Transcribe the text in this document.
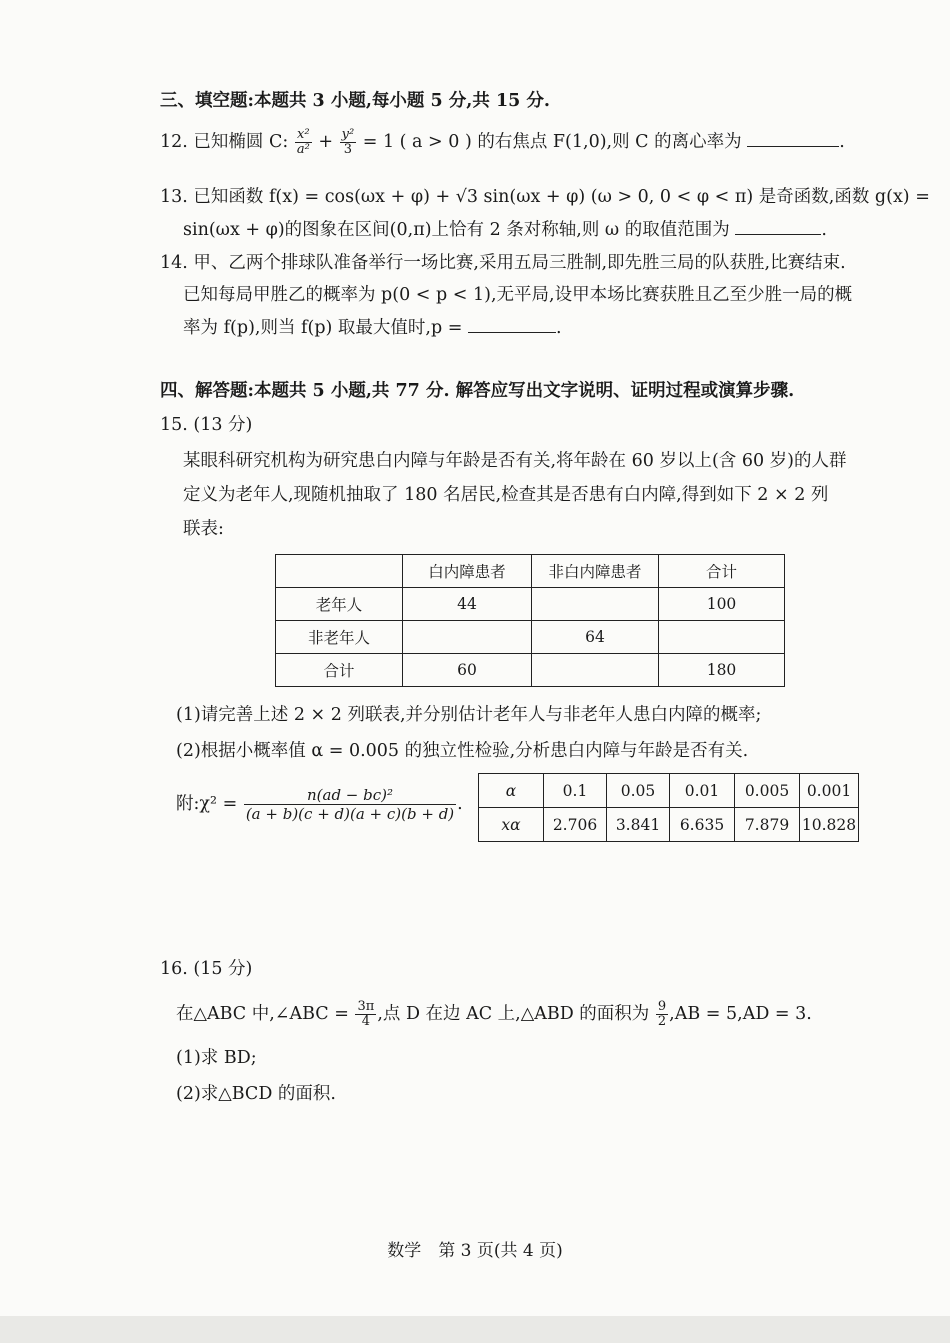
三、填空题:本题共 3 小题,每小题 5 分,共 15 分.
12. 已知椭圆 C: $\frac{\text{x²}}{\text{a²}} + \frac{\text{y²}}{3} = 1$ ( a > 0 ) 的右焦点 F(1,0),则 C 的离心率为	.
13. 已知函数 f(x) = cos(ωx + φ) + √3 sin(ωx + φ) (ω > 0, 0 < φ < π) 是奇函数,函数 g(x) =
sin(ωx + φ)的图象在区间(0,π)上恰有 2 条对称轴,则 ω 的取值范围为	.
14. 甲、乙两个排球队准备举行一场比赛,采用五局三胜制,即先胜三局的队获胜,比赛结束.
已知每局甲胜乙的概率为 p(0 < p < 1),无平局,设甲本场比赛获胜且乙至少胜一局的概
率为 f(p),则当 f(p) 取最大值时,p =	.
四、解答题:本题共 5 小题,共 77 分. 解答应写出文字说明、证明过程或演算步骤.
15. (13 分)
某眼科研究机构为研究患白内障与年龄是否有关,将年龄在 60 岁以上(含 60 岁)的人群
定义为老年人,现随机抽取了 180 名居民,检查其是否患有白内障,得到如下 2 × 2 列
联表:
	白内障患者	非白内障患者	合计
老年人	44		100
非老年人		64	
合计	60		180
(1)请完善上述 2 × 2 列联表,并分别估计老年人与非老年人患白内障的概率;
(2)根据小概率值 α = 0.005 的独立性检验,分析患白内障与年龄是否有关.
附:χ² = $\frac{\text{n(ad − bc)²}}{(a + b)(c + d)(a + c)(b + d)}$ .
α	0.1	0.05	0.01	0.005	0.001
xα	2.706	3.841	6.635	7.879	10.828
16. (15 分)
在△ABC 中,∠ABC = $\frac{3\pi}{4}$ ,点 D 在边 AC 上,△ABD 的面积为 $\frac{9}{2} ,AB = 5,AD = 3$.
(1)求 BD;
(2)求△BCD 的面积.
数学　第 3 页(共 4 页)
